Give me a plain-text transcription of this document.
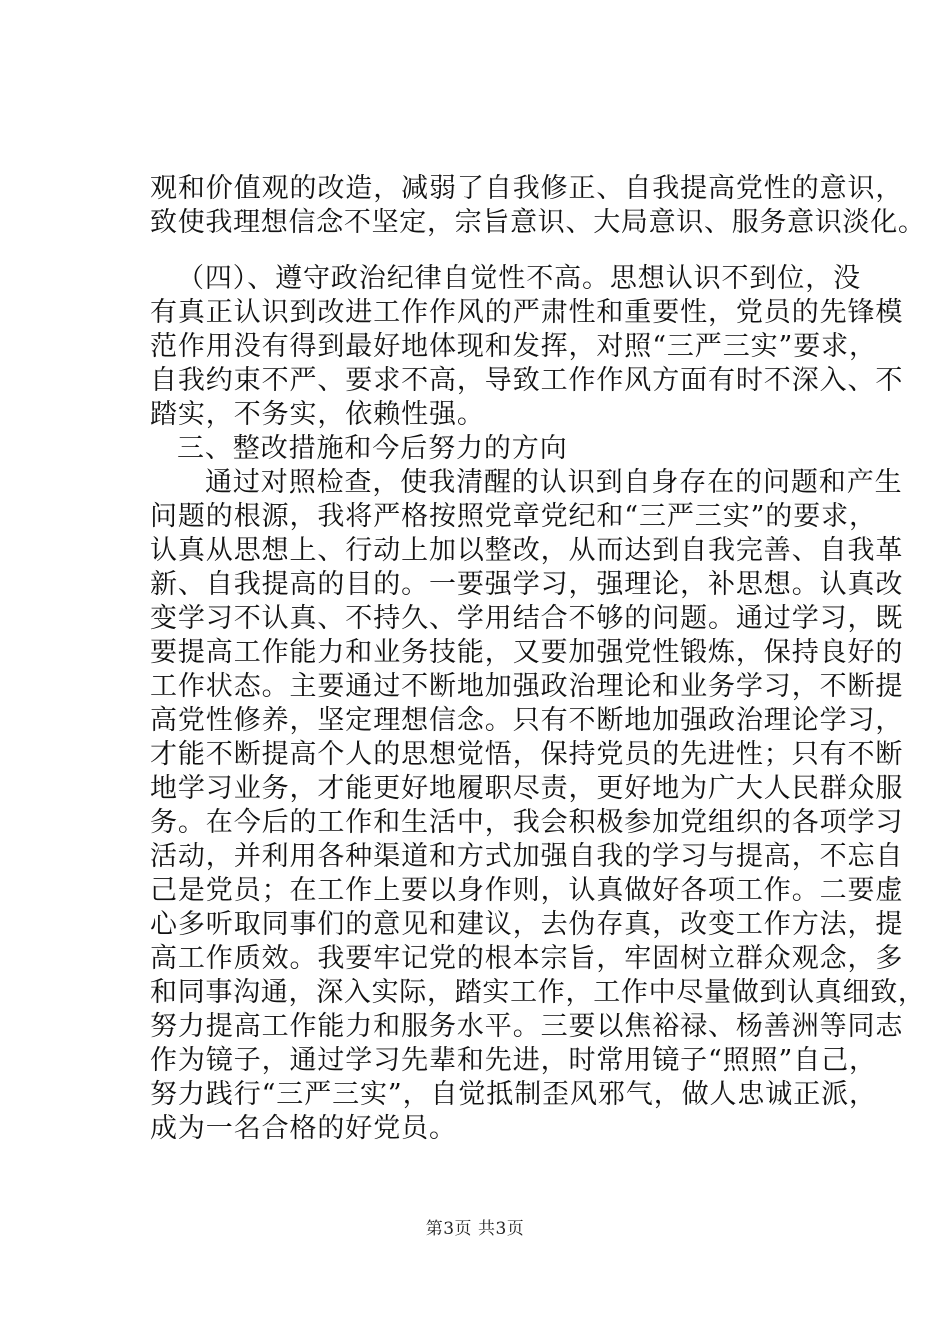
观和价值观的改造，减弱了自我修正、自我提高党性的意识，
致使我理想信念不坚定，宗旨意识、大局意识、服务意识淡化。
（四）、遵守政治纪律自觉性不高。思想认识不到位，没
有真正认识到改进工作作风的严肃性和重要性，党员的先锋模
范作用没有得到最好地体现和发挥，对照“三严三实”要求，
自我约束不严、要求不高，导致工作作风方面有时不深入、不
踏实，不务实，依赖性强。
三、整改措施和今后努力的方向
通过对照检查，使我清醒的认识到自身存在的问题和产生
问题的根源，我将严格按照党章党纪和“三严三实”的要求，
认真从思想上、行动上加以整改，从而达到自我完善、自我革
新、自我提高的目的。一要强学习，强理论，补思想。认真改
变学习不认真、不持久、学用结合不够的问题。通过学习，既
要提高工作能力和业务技能，又要加强党性锻炼，保持良好的
工作状态。主要通过不断地加强政治理论和业务学习，不断提
高党性修养，坚定理想信念。只有不断地加强政治理论学习，
才能不断提高个人的思想觉悟，保持党员的先进性；只有不断
地学习业务，才能更好地履职尽责，更好地为广大人民群众服
务。在今后的工作和生活中，我会积极参加党组织的各项学习
活动，并利用各种渠道和方式加强自我的学习与提高，不忘自
己是党员；在工作上要以身作则，认真做好各项工作。二要虚
心多听取同事们的意见和建议，去伪存真，改变工作方法，提
高工作质效。我要牢记党的根本宗旨，牢固树立群众观念，多
和同事沟通，深入实际，踏实工作，工作中尽量做到认真细致，
努力提高工作能力和服务水平。三要以焦裕禄、杨善洲等同志
作为镜子，通过学习先辈和先进，时常用镜子“照照”自己，
努力践行“三严三实”，自觉抵制歪风邪气，做人忠诚正派，
成为一名合格的好党员。
第3页 共3页
